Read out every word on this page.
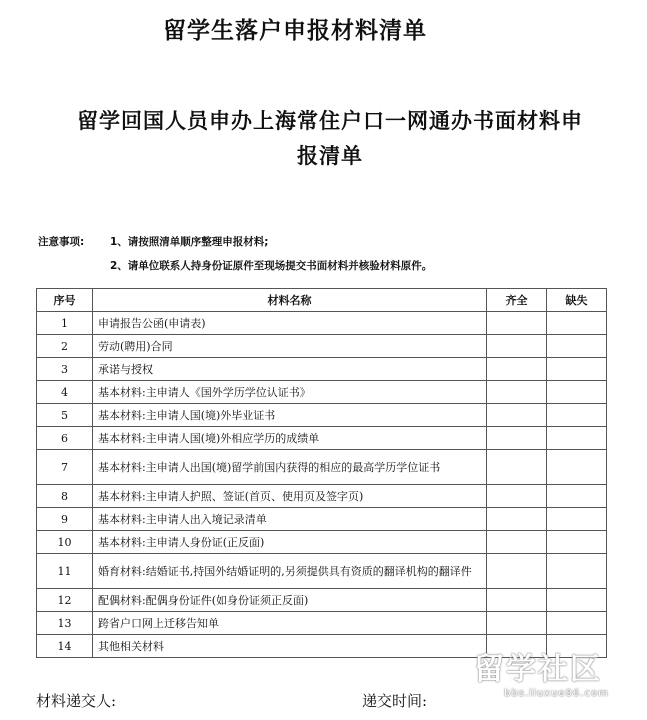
留学生落户申报材料清单
留学回国人员申办上海常住户口一网通办书面材料申
报清单
注意事项:	1、请按照清单顺序整理申报材料;
2、请单位联系人持身份证原件至现场提交书面材料并核验材料原件。
序号	材料名称	齐全	缺失
1	申请报告公函(申请表)		
2	劳动(聘用)合同		
3	承诺与授权		
4	基本材料:主申请人《国外学历学位认证书》		
5	基本材料:主申请人国(境)外毕业证书		
6	基本材料:主申请人国(境)外相应学历的成绩单		
7	基本材料:主申请人出国(境)留学前国内获得的相应的最高学历学位证书		
8	基本材料:主申请人护照、签证(首页、使用页及签字页)		
9	基本材料:主申请人出入境记录清单		
10	基本材料:主申请人身份证(正反面)		
11	婚育材料:结婚证书,持国外结婚证明的,另须提供具有资质的翻译机构的翻译件		
12	配偶材料:配偶身份证件(如身份证须正反面)		
13	跨省户口网上迁移告知单		
14	其他相关材料		
材料递交人:	递交时间:
留学社区
bbs.liuxue86.com
